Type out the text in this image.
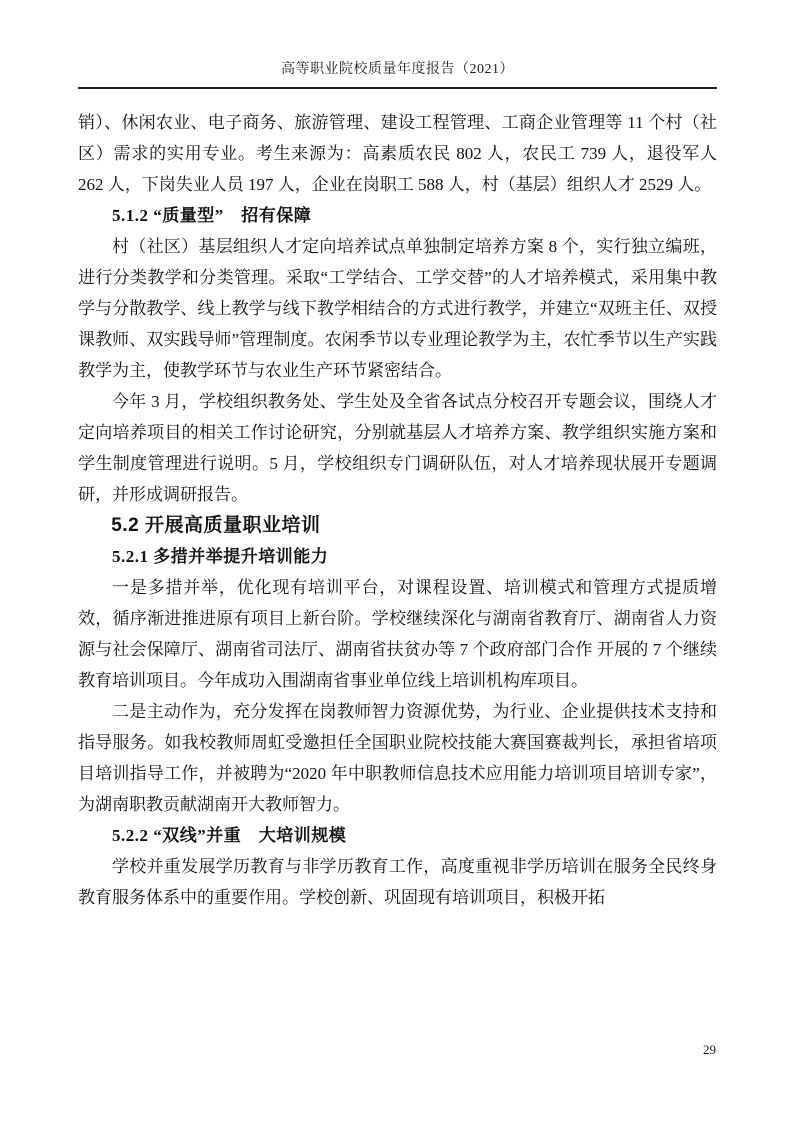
高等职业院校质量年度报告（2021）

销）、休闲农业、电子商务、旅游管理、建设工程管理、工商企业管理等 11 个村（社区）需求的实用专业。考生来源为：高素质农民 802 人，农民工 739 人，退役军人 262 人，下岗失业人员 197 人，企业在岗职工 588 人，村（基层）组织人才 2529 人。

5.1.2 “质量型”　招有保障

村（社区）基层组织人才定向培养试点单独制定培养方案 8 个，实行独立编班，进行分类教学和分类管理。采取“工学结合、工学交替”的人才培养模式，采用集中教学与分散教学、线上教学与线下教学相结合的方式进行教学，并建立“双班主任、双授课教师、双实践导师”管理制度。农闲季节以专业理论教学为主，农忙季节以生产实践教学为主，使教学环节与农业生产环节紧密结合。

今年 3 月，学校组织教务处、学生处及全省各试点分校召开专题会议，围绕人才定向培养项目的相关工作讨论研究，分别就基层人才培养方案、教学组织实施方案和学生制度管理进行说明。5 月，学校组织专门调研队伍，对人才培养现状展开专题调研，并形成调研报告。

5.2 开展高质量职业培训

5.2.1 多措并举提升培训能力

一是多措并举，优化现有培训平台，对课程设置、培训模式和管理方式提质增效，循序渐进推进原有项目上新台阶。学校继续深化与湖南省教育厅、湖南省人力资源与社会保障厅、湖南省司法厅、湖南省扶贫办等 7 个政府部门合作 开展的 7 个继续教育培训项目。今年成功入围湖南省事业单位线上培训机构库项目。

二是主动作为，充分发挥在岗教师智力资源优势，为行业、企业提供技术支持和指导服务。如我校教师周虹受邀担任全国职业院校技能大赛国赛裁判长，承担省培项目培训指导工作，并被聘为“2020 年中职教师信息技术应用能力培训项目培训专家”，为湖南职教贡献湖南开大教师智力。

5.2.2 “双线”并重　大培训规模

学校并重发展学历教育与非学历教育工作，高度重视非学历培训在服务全民终身教育服务体系中的重要作用。学校创新、巩固现有培训项目，积极开拓

29
